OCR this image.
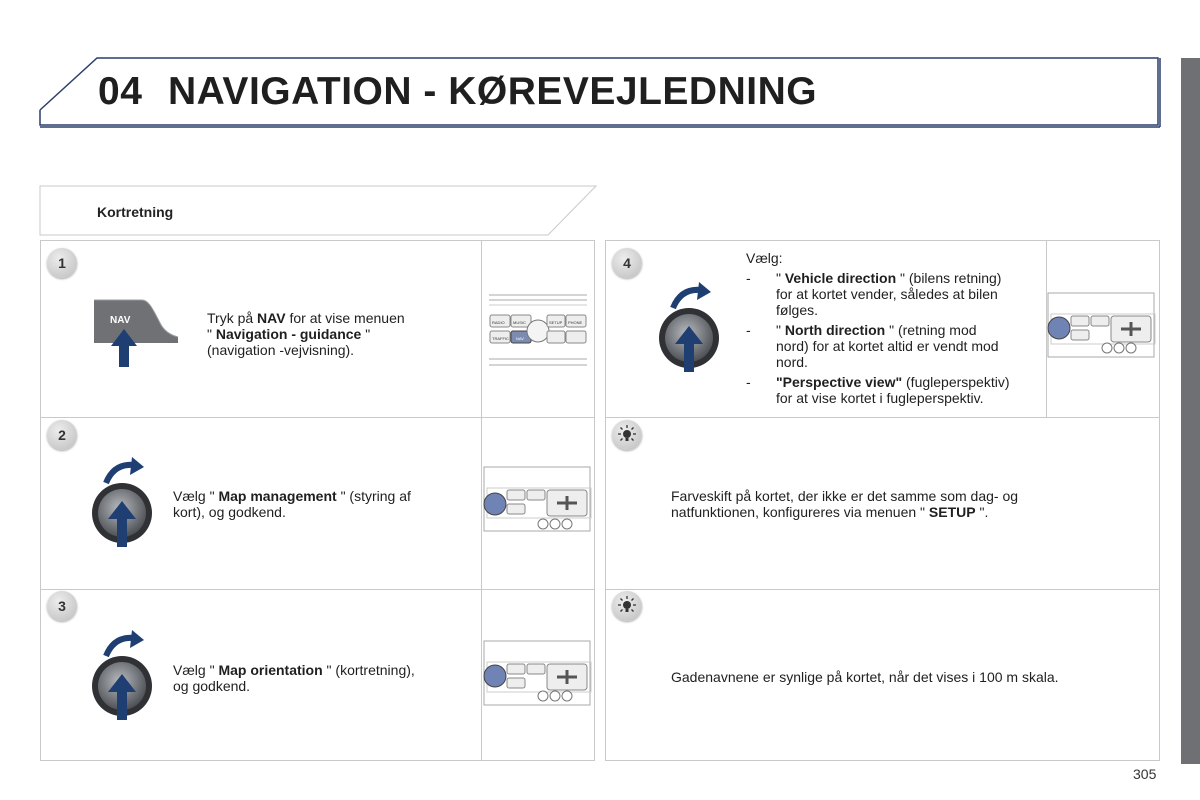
04 NAVIGATION - KØREVEJLEDNING
Kortretning
1
NAV	Tryk på NAV for at vise menuen
" Navigation - guidance "
(navigation -vejvisning).
RADIO MUSIC	SETUP PHONE
TRAFFIC NAV
2
Vælg " Map management " (styring af
kort), og godkend.
3
Vælg " Map orientation " (kortretning),
og godkend.
4	Vælg:
- " Vehicle direction " (bilens retning)
for at kortet vender, således at bilen
følges.
- " North direction " (retning mod
nord) for at kortet altid er vendt mod
nord.
- "Perspective view" (fugleperspektiv)
for at vise kortet i fugleperspektiv.
Farveskift på kortet, der ikke er det samme som dag- og
natfunktionen, konfigureres via menuen " SETUP ".
Gadenavnene er synlige på kortet, når det vises i 100 m skala.
305
